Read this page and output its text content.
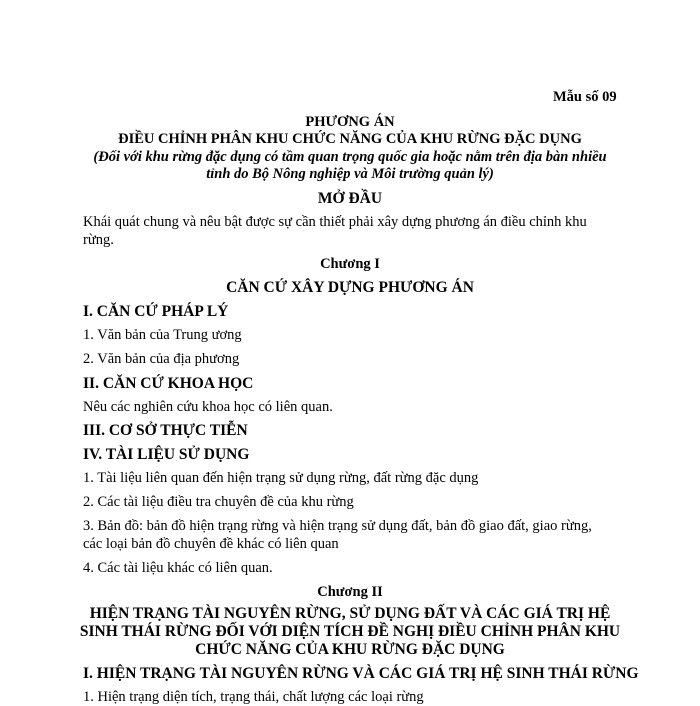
Mẫu số 09
PHƯƠNG ÁN
ĐIỀU CHỈNH PHÂN KHU CHỨC NĂNG CỦA KHU RỪNG ĐẶC DỤNG
(Đối với khu rừng đặc dụng có tầm quan trọng quốc gia hoặc nằm trên địa bàn nhiều
tỉnh do Bộ Nông nghiệp và Môi trường quản lý)
MỞ ĐẦU
Khái quát chung và nêu bật được sự cần thiết phải xây dựng phương án điều chỉnh khu
rừng.
Chương I
CĂN CỨ XÂY DỰNG PHƯƠNG ÁN
I. CĂN CỨ PHÁP LÝ
1. Văn bản của Trung ương
2. Văn bản của địa phương
II. CĂN CỨ KHOA HỌC
Nêu các nghiên cứu khoa học có liên quan.
III. CƠ SỞ THỰC TIỄN
IV. TÀI LIỆU SỬ DỤNG
1. Tài liệu liên quan đến hiện trạng sử dụng rừng, đất rừng đặc dụng
2. Các tài liệu điều tra chuyên đề của khu rừng
3. Bản đồ: bản đồ hiện trạng rừng và hiện trạng sử dụng đất, bản đồ giao đất, giao rừng,
các loại bản đồ chuyên đề khác có liên quan
4. Các tài liệu khác có liên quan.
Chương II
HIỆN TRẠNG TÀI NGUYÊN RỪNG, SỬ DỤNG ĐẤT VÀ CÁC GIÁ TRỊ HỆ
SINH THÁI RỪNG ĐỐI VỚI DIỆN TÍCH ĐỀ NGHỊ ĐIỀU CHỈNH PHÂN KHU
CHỨC NĂNG CỦA KHU RỪNG ĐẶC DỤNG
I. HIỆN TRẠNG TÀI NGUYÊN RỪNG VÀ CÁC GIÁ TRỊ HỆ SINH THÁI RỪNG
1. Hiện trạng diện tích, trạng thái, chất lượng các loại rừng
